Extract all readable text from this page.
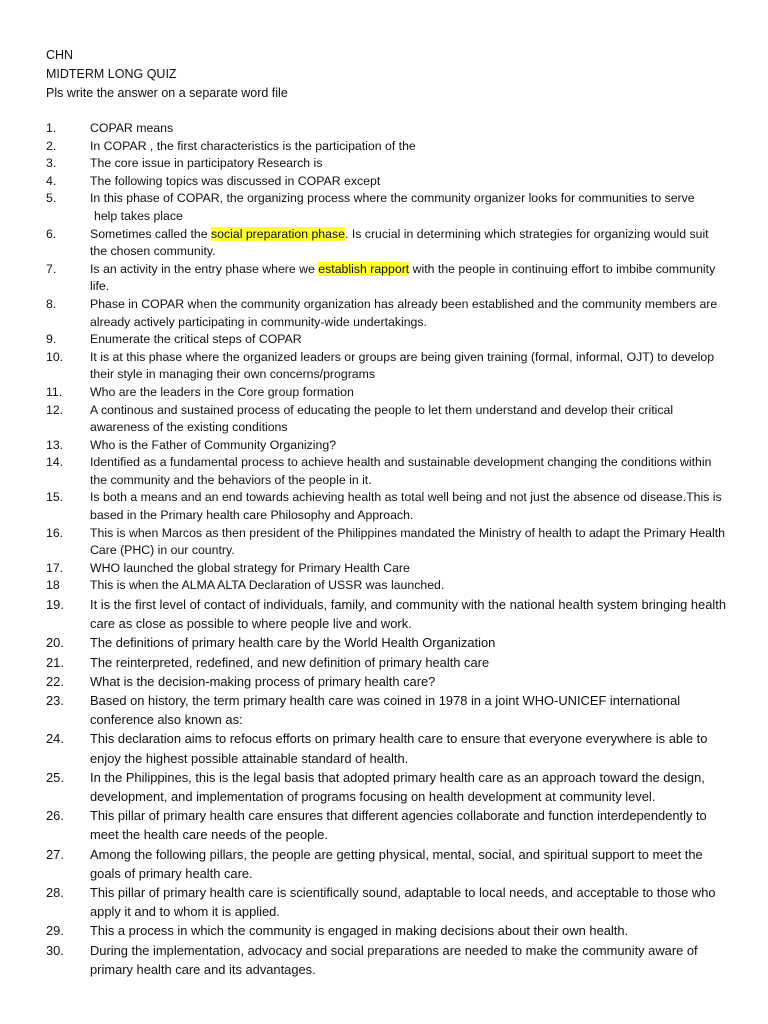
CHN
MIDTERM LONG QUIZ
Pls write the answer on a separate word file
1.	COPAR means
2.	In COPAR , the first characteristics is the participation of the
3.	The core issue in participatory Research is
4.	The following topics was discussed in COPAR except
5.	In this phase of COPAR, the organizing process where the community organizer looks for communities to serve
help takes place
6.	Sometimes called the social preparation phase. Is crucial in determining which strategies for organizing would suit the chosen community.
7.	Is an activity in the entry phase where we establish rapport with the people in continuing effort to imbibe community life.
8.	Phase in COPAR when the community organization has already been established and the community members are already actively participating in community-wide undertakings.
9.	Enumerate the critical steps of COPAR
10. It is at this phase where the organized leaders or groups are being given training (formal, informal, OJT) to develop their style in managing their own concerns/programs
11. Who are the leaders in the Core group formation
12. A continous and sustained process of educating the people to let them understand and develop their critical awareness of the existing conditions
13. Who is the Father of Community Organizing?
14. Identified as a fundamental process to achieve health and sustainable development changing the conditions within the community and the behaviors of the people in it.
15. Is both a means and an end towards achieving health as total well being and not just the absence od disease.This is based in the Primary health care Philosophy and Approach.
16. This is when Marcos as then president of the Philippines mandated the Ministry of health to adapt the Primary Health Care (PHC) in our country.
17. WHO launched the global strategy for Primary Health Care
18 This is when the ALMA ALTA Declaration of USSR was launched.
19. It is the first level of contact of individuals, family, and community with the national health system bringing health care as close as possible to where people live and work.
20. The definitions of primary health care by the World Health Organization
21. The reinterpreted, redefined, and new definition of primary health care
22. What is the decision-making process of primary health care?
23. Based on history, the term primary health care was coined in 1978 in a joint WHO-UNICEF international conference also known as:
24. This declaration aims to refocus efforts on primary health care to ensure that everyone everywhere is able to enjoy the highest possible attainable standard of health.
25. In the Philippines, this is the legal basis that adopted primary health care as an approach toward the design, development, and implementation of programs focusing on health development at community level.
26. This pillar of primary health care ensures that different agencies collaborate and function interdependently to meet the health care needs of the people.
27. Among the following pillars, the people are getting physical, mental, social, and spiritual support to meet the goals of primary health care.
28. This pillar of primary health care is scientifically sound, adaptable to local needs, and acceptable to those who apply it and to whom it is applied.
29. This a process in which the community is engaged in making decisions about their own health.
30. During the implementation, advocacy and social preparations are needed to make the community aware of primary health care and its advantages.
